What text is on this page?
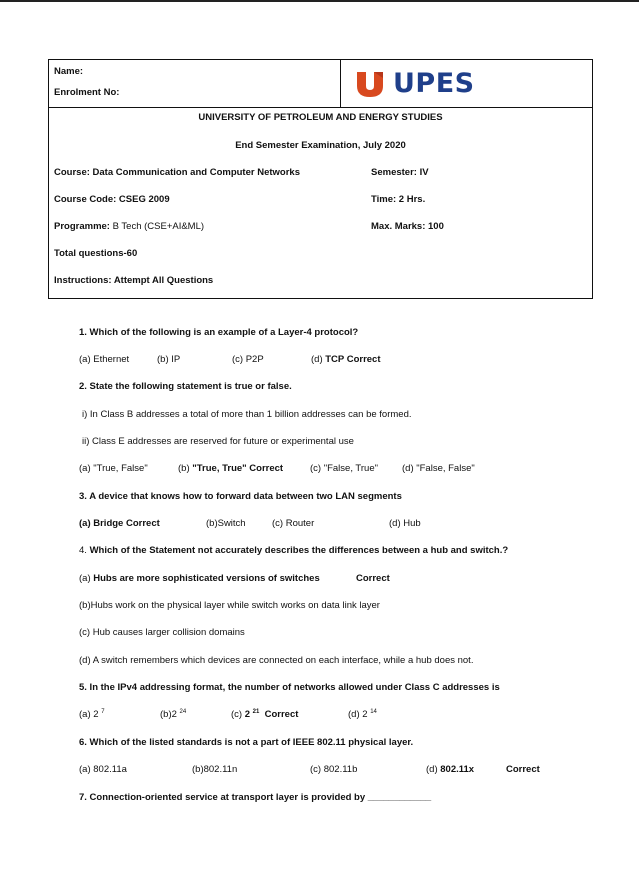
Name:
Enrolment No:	UPES
UNIVERSITY OF PETROLEUM AND ENERGY STUDIES
End Semester Examination, July 2020
Course: Data Communication and Computer Networks	Semester: IV
Course Code: CSEG 2009	Time: 2 Hrs.
Programme: B Tech (CSE+AI&ML)	Max. Marks: 100
Total questions-60
Instructions: Attempt All Questions
1. Which of the following is an example of a Layer-4 protocol?
(a) Ethernet	(b) IP	(c) P2P	(d) TCP Correct
2. State the following statement is true or false.
i) In Class B addresses a total of more than 1 billion addresses can be formed.
ii) Class E addresses are reserved for future or experimental use
(a) "True, False"	(b) "True, True" Correct	(c) "False, True"	(d) "False, False"
3. A device that knows how to forward data between two LAN segments
(a) Bridge Correct	(b)Switch	(c) Router	(d) Hub
4. Which of the Statement not accurately describes the differences between a hub and switch.?
(a) Hubs are more sophisticated versions of switches	Correct
(b)Hubs work on the physical layer while switch works on data link layer
(c) Hub causes larger collision domains
(d) A switch remembers which devices are connected on each interface, while a hub does not.
5. In the IPv4 addressing format, the number of networks allowed under Class C addresses is
(a) 2 $^7$	(b)2 $^{24}$	(c) 2 $^{21}$  Correct	(d) 2 $^{14}$
6. Which of the listed standards is not a part of IEEE 802.11 physical layer.
(a) 802.11a	(b)802.11n	(c) 802.11b	(d) 802.11x	Correct
7. Connection-oriented service at transport layer is provided by ____________
